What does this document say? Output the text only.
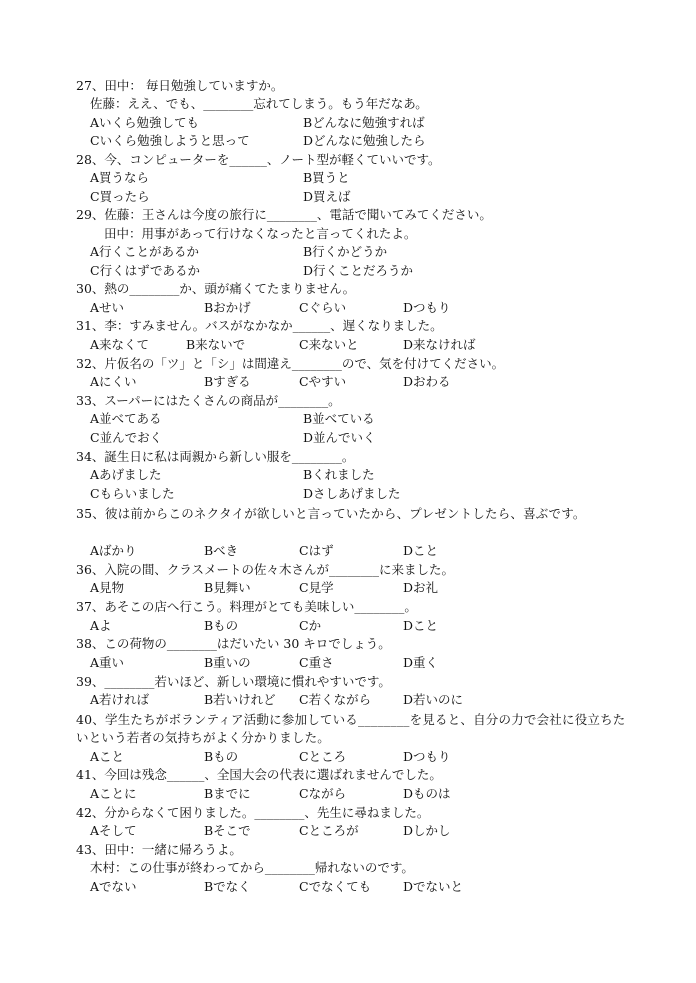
27、田中： 毎日勉強していますか。
佐藤：ええ、でも、________忘れてしまう。もう年だなあ。
Aいくら勉強しても	Bどんなに勉強すれば
Cいくら勉強しようと思って	Dどんなに勉強したら
28、今、コンピューターを______、ノート型が軽くていいです。
A買うなら	B買うと
C買ったら	D買えば
29、佐藤：王さんは今度の旅行に________、電話で聞いてみてください。
田中：用事があって行けなくなったと言ってくれたよ。
A行くことがあるか	B行くかどうか
C行くはずであるか	D行くことだろうか
30、熱の________か、頭が痛くてたまりません。
Aせい	Bおかげ	Cぐらい	Dつもり
31、李：すみません。バスがなかなか______、遅くなりました。
A来なくて	B来ないで	C来ないと	D来なければ
32、片仮名の「ツ」と「シ」は間違え________ので、気を付けてください。
Aにくい	Bすぎる	Cやすい	Dおわる
33、スーパーにはたくさんの商品が________。
A並べてある	B並べている
C並んでおく	D並んでいく
34、誕生日に私は両親から新しい服を________。
Aあげました	Bくれました
Cもらいました	Dさしあげました
35、彼は前からこのネクタイが欲しいと言っていたから、プレゼントしたら、喜ぶです。
Aばかり	Bべき	Cはず	Dこと
36、入院の間、クラスメートの佐々木さんが________に来ました。
A見物	B見舞い	C見学	Dお礼
37、あそこの店へ行こう。料理がとても美味しい________。
Aよ	Bもの	Cか	Dこと
38、この荷物の________はだいたい 30 キロでしょう。
A重い	B重いの	C重さ	D重く
39、________若いほど、新しい環境に慣れやすいです。
A若ければ	B若いけれど C若くながら	D若いのに
40、学生たちがボランティア活動に参加している________を見ると、自分の力で会社に役立ちたいという若者の気持ちがよく分かりました。
Aこと	Bもの	Cところ	Dつもり
41、今回は残念______、全国大会の代表に選ばれませんでした。
Aことに	Bまでに	Cながら	Dものは
42、分からなくて困りました。________、先生に尋ねました。
Aそして	Bそこで	Cところが	Dしかし
43、田中：一緒に帰ろうよ。
木村：この仕事が終わってから________帰れないのです。
Aでない	Bでなく	Cでなくても	Dでないと
